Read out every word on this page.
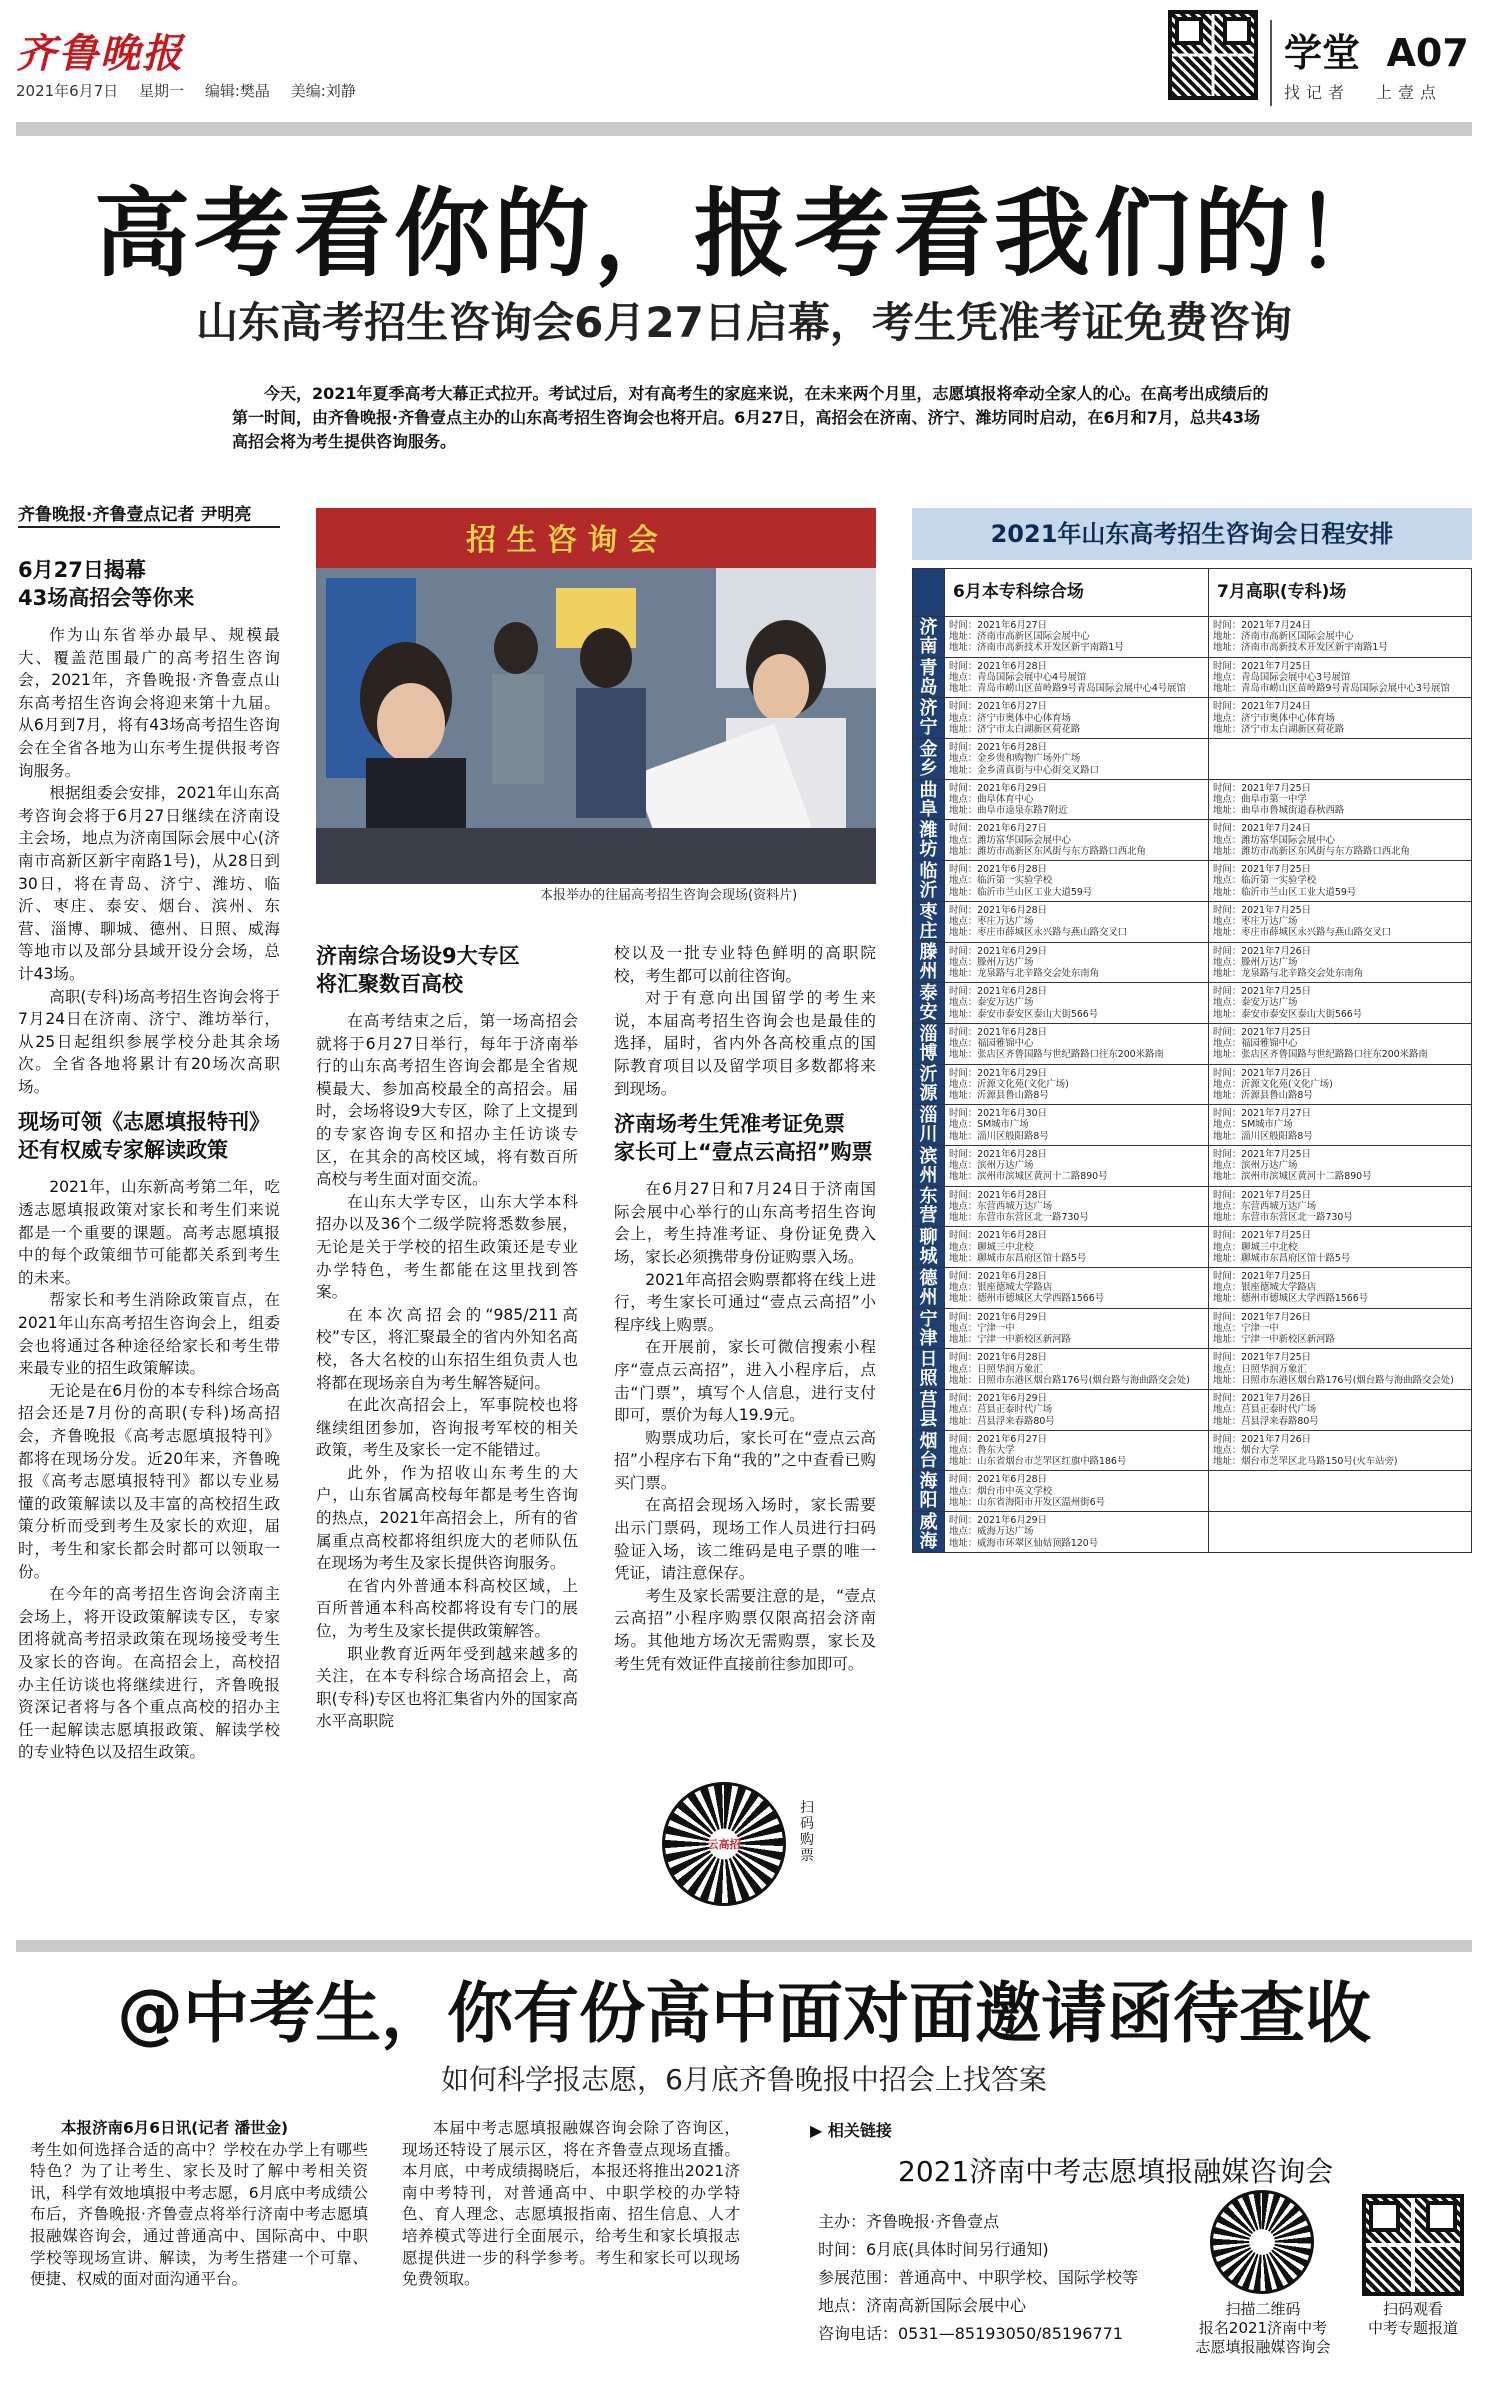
齐鲁晚报
2021年6月7日 星期一 编辑:樊晶 美编:刘静
学堂 A07
找记者 上壹点
高考看你的，报考看我们的！
山东高考招生咨询会6月27日启幕，考生凭准考证免费咨询
今天，2021年夏季高考大幕正式拉开。考试过后，对有高考生的家庭来说，在未来两个月里，志愿填报将牵动全家人的心。在高考出成绩后的第一时间，由齐鲁晚报·齐鲁壹点主办的山东高考招生咨询会也将开启。6月27日，高招会在济南、济宁、潍坊同时启动，在6月和7月，总共43场高招会将为考生提供咨询服务。
齐鲁晚报·齐鲁壹点记者 尹明亮
6月27日揭幕
43场高招会等你来

作为山东省举办最早、规模最大、覆盖范围最广的高考招生咨询会，2021年，齐鲁晚报·齐鲁壹点山东高考招生咨询会将迎来第十九届。从6月到7月，将有43场高考招生咨询会在全省各地为山东考生提供报考咨询服务。

根据组委会安排，2021年山东高考咨询会将于6月27日继续在济南设主会场，地点为济南国际会展中心(济南市高新区新宇南路1号)，从28日到30日，将在青岛、济宁、潍坊、临沂、枣庄、泰安、烟台、滨州、东营、淄博、聊城、德州、日照、威海等地市以及部分县域开设分会场，总计43场。

高职(专科)场高考招生咨询会将于7月24日在济南、济宁、潍坊举行，从25日起组织参展学校分赴其余场次。全省各地将累计有20场次高职场。

现场可领《志愿填报特刊》
还有权威专家解读政策

2021年，山东新高考第二年，吃透志愿填报政策对家长和考生们来说都是一个重要的课题。高考志愿填报中的每个政策细节可能都关系到考生的未来。

帮家长和考生消除政策盲点，在2021年山东高考招生咨询会上，组委会也将通过各种途径给家长和考生带来最专业的招生政策解读。

无论是在6月份的本专科综合场高招会还是7月份的高职(专科)场高招会，齐鲁晚报《高考志愿填报特刊》都将在现场分发。近20年来，齐鲁晚报《高考志愿填报特刊》都以专业易懂的政策解读以及丰富的高校招生政策分析而受到考生及家长的欢迎，届时，考生和家长都会时都可以领取一份。

在今年的高考招生咨询会济南主会场上，将开设政策解读专区，专家团将就高考招录政策在现场接受考生及家长的咨询。在高招会上，高校招办主任访谈也将继续进行，齐鲁晚报资深记者将与各个重点高校的招办主任一起解读志愿填报政策、解读学校的专业特色以及招生政策。

招 生 咨 询 会
本报举办的往届高考招生咨询会现场(资料片)
济南综合场设9大专区
将汇聚数百高校

在高考结束之后，第一场高招会就将于6月27日举行，每年于济南举行的山东高考招生咨询会都是全省规模最大、参加高校最全的高招会。届时，会场将设9大专区，除了上文提到的专家咨询专区和招办主任访谈专区，在其余的高校区域，将有数百所高校与考生面对面交流。

在山东大学专区，山东大学本科招办以及36个二级学院将悉数参展，无论是关于学校的招生政策还是专业办学特色，考生都能在这里找到答案。

在本次高招会的“985/211高校”专区，将汇聚最全的省内外知名高校，各大名校的山东招生组负责人也将都在现场亲自为考生解答疑问。

在此次高招会上，军事院校也将继续组团参加，咨询报考军校的相关政策，考生及家长一定不能错过。

此外，作为招收山东考生的大户，山东省属高校每年都是考生咨询的热点，2021年高招会上，所有的省属重点高校都将组织庞大的老师队伍在现场为考生及家长提供咨询服务。

在省内外普通本科高校区域，上百所普通本科高校都将设有专门的展位，为考生及家长提供政策解答。

职业教育近两年受到越来越多的关注，在本专科综合场高招会上，高职(专科)专区也将汇集省内外的国家高水平高职院

校以及一批专业特色鲜明的高职院校，考生都可以前往咨询。

对于有意向出国留学的考生来说，本届高考招生咨询会也是最佳的选择，届时，省内外各高校重点的国际教育项目以及留学项目多数都将来到现场。

济南场考生凭准考证免票
家长可上“壹点云高招”购票

在6月27日和7月24日于济南国际会展中心举行的山东高考招生咨询会上，考生持准考证、身份证免费入场，家长必须携带身份证购票入场。

2021年高招会购票都将在线上进行，考生家长可通过“壹点云高招”小程序线上购票。

在开展前，家长可微信搜索小程序“壹点云高招”，进入小程序后，点击“门票”，填写个人信息，进行支付即可，票价为每人19.9元。

购票成功后，家长可在“壹点云高招”小程序右下角“我的”之中查看已购买门票。

在高招会现场入场时，家长需要出示门票码，现场工作人员进行扫码验证入场，该二维码是电子票的唯一凭证，请注意保存。

考生及家长需要注意的是，“壹点云高招”小程序购票仅限高招会济南场。其他地方场次无需购票，家长及考生凭有效证件直接前往参加即可。

云高招
扫码购票
2021年山东高考招生咨询会日程安排
	6月本专科综合场	7月高职(专科)场
济南	时间：2021年6月27日
地址：济南市高新区国际会展中心
地址：济南市高新技术开发区新宇南路1号	时间：2021年7月24日
地址：济南市高新区国际会展中心
地址：济南市高新技术开发区新宇南路1号
青岛	时间：2021年6月28日
地点：青岛国际会展中心4号展馆
地址：青岛市崂山区苗岭路9号青岛国际会展中心4号展馆	时间：2021年7月25日
地点：青岛国际会展中心3号展馆
地址：青岛市崂山区苗岭路9号青岛国际会展中心3号展馆
济宁	时间：2021年6月27日
地点：济宁市奥体中心体育场
地址：济宁市太白湖新区荷花路	时间：2021年7月24日
地点：济宁市奥体中心体育场
地址：济宁市太白湖新区荷花路
金乡	时间：2021年6月28日
地点：金乡贵和购物广场外广场
地址：金乡清真街与中心街交叉路口	
曲阜	时间：2021年6月29日
地点：曲阜体育中心
地址：曲阜市逵泉东路7附近	时间：2021年7月25日
地点：曲阜市第一中学
地址：曲阜市鲁城街道春秋西路
潍坊	时间：2021年6月27日
地点：潍坊富华国际会展中心
地址：潍坊市高新区东风街与东方路路口西北角	时间：2021年7月24日
地点：潍坊富华国际会展中心
地址：潍坊市高新区东风街与东方路路口西北角
临沂	时间：2021年6月28日
地点：临沂第一实验学校
地址：临沂市兰山区工业大道59号	时间：2021年7月25日
地点：临沂第一实验学校
地址：临沂市兰山区工业大道59号
枣庄	时间：2021年6月28日
地点：枣庄万达广场
地址：枣庄市薛城区永兴路与燕山路交叉口	时间：2021年7月25日
地点：枣庄万达广场
地址：枣庄市薛城区永兴路与燕山路交叉口
滕州	时间：2021年6月29日
地点：滕州万达广场
地址：龙泉路与北辛路交会处东南角	时间：2021年7月26日
地点：滕州万达广场
地址：龙泉路与北辛路交会处东南角
泰安	时间：2021年6月28日
地点：泰安万达广场
地址：泰安市泰安区泰山大街566号	时间：2021年7月25日
地点：泰安万达广场
地址：泰安市泰安区泰山大街566号
淄博	时间：2021年6月28日
地点：福园雅锦中心
地址：张店区齐鲁国路与世纪路路口往东200米路南	时间：2021年7月25日
地点：福园雅锦中心
地址：张店区齐鲁国路与世纪路路口往东200米路南
沂源	时间：2021年6月29日
地点：沂源文化苑(文化广场)
地址：沂源县鲁山路8号	时间：2021年7月26日
地点：沂源文化苑(文化广场)
地址：沂源县鲁山路8号
淄川	时间：2021年6月30日
地点：SM城市广场
地址：淄川区般阳路8号	时间：2021年7月27日
地点：SM城市广场
地址：淄川区般阳路8号
滨州	时间：2021年6月28日
地点：滨州万达广场
地址：滨州市滨城区黄河十二路890号	时间：2021年7月25日
地点：滨州万达广场
地址：滨州市滨城区黄河十二路890号
东营	时间：2021年6月28日
地点：东营西城万达广场
地址：东营市东营区北一路730号	时间：2021年7月25日
地点：东营西城万达广场
地址：东营市东营区北一路730号
聊城	时间：2021年6月28日
地点：聊城三中北校
地址：聊城市东昌府区馆十路5号	时间：2021年7月25日
地点：聊城三中北校
地址：聊城市东昌府区馆十路5号
德州	时间：2021年6月28日
地点：银座德城大学路店
地址：德州市德城区大学西路1566号	时间：2021年7月25日
地点：银座德城大学路店
地址：德州市德城区大学西路1566号
宁津	时间：2021年6月29日
地点：宁津一中
地址：宁津一中新校区新河路	时间：2021年7月26日
地点：宁津一中
地址：宁津一中新校区新河路
日照	时间：2021年6月28日
地点：日照华润万象汇
地址：日照市东港区烟台路176号(烟台路与海曲路交会处)	时间：2021年7月25日
地点：日照华润万象汇
地址：日照市东港区烟台路176号(烟台路与海曲路交会处)
莒县	时间：2021年6月29日
地点：莒县正泰时代广场
地址：莒县浮来春路80号	时间：2021年7月26日
地点：莒县正泰时代广场
地址：莒县浮来春路80号
烟台	时间：2021年6月27日
地点：鲁东大学
地址：山东省烟台市芝罘区红旗中路186号	时间：2021年7月26日
地点：烟台大学
地址：烟台市芝罘区北马路150号(火车站旁)
海阳	时间：2021年6月28日
地点：烟台市中英文学校
地址：山东省海阳市开发区温州街6号	
威海	时间：2021年6月29日
地点：威海万达广场
地址：威海市环翠区仙姑顶路120号	
@中考生，你有份高中面对面邀请函待查收
如何科学报志愿，6月底齐鲁晚报中招会上找答案

本报济南6月6日讯(记者 潘世金)

考生如何选择合适的高中？学校在办学上有哪些特色？为了让考生、家长及时了解中考相关资讯，科学有效地填报中考志愿，6月底中考成绩公布后，齐鲁晚报·齐鲁壹点将举行济南中考志愿填报融媒咨询会，通过普通高中、国际高中、中职学校等现场宣讲、解读，为考生搭建一个可靠、便捷、权威的面对面沟通平台。

本届中考志愿填报融媒咨询会除了咨询区，现场还特设了展示区，将在齐鲁壹点现场直播。本月底，中考成绩揭晓后，本报还将推出2021济南中考特刊，对普通高中、中职学校的办学特色、育人理念、志愿填报指南、招生信息、人才培养模式等进行全面展示，给考生和家长填报志愿提供进一步的科学参考。考生和家长可以现场免费领取。

▶ 相关链接
2021济南中考志愿填报融媒咨询会
主办：齐鲁晚报·齐鲁壹点
时间：6月底(具体时间另行通知)
参展范围：普通高中、中职学校、国际学校等
地点：济南高新国际会展中心
咨询电话：0531—85193050/85196771
扫描二维码
报名2021济南中考
志愿填报融媒咨询会
扫码观看
中考专题报道
